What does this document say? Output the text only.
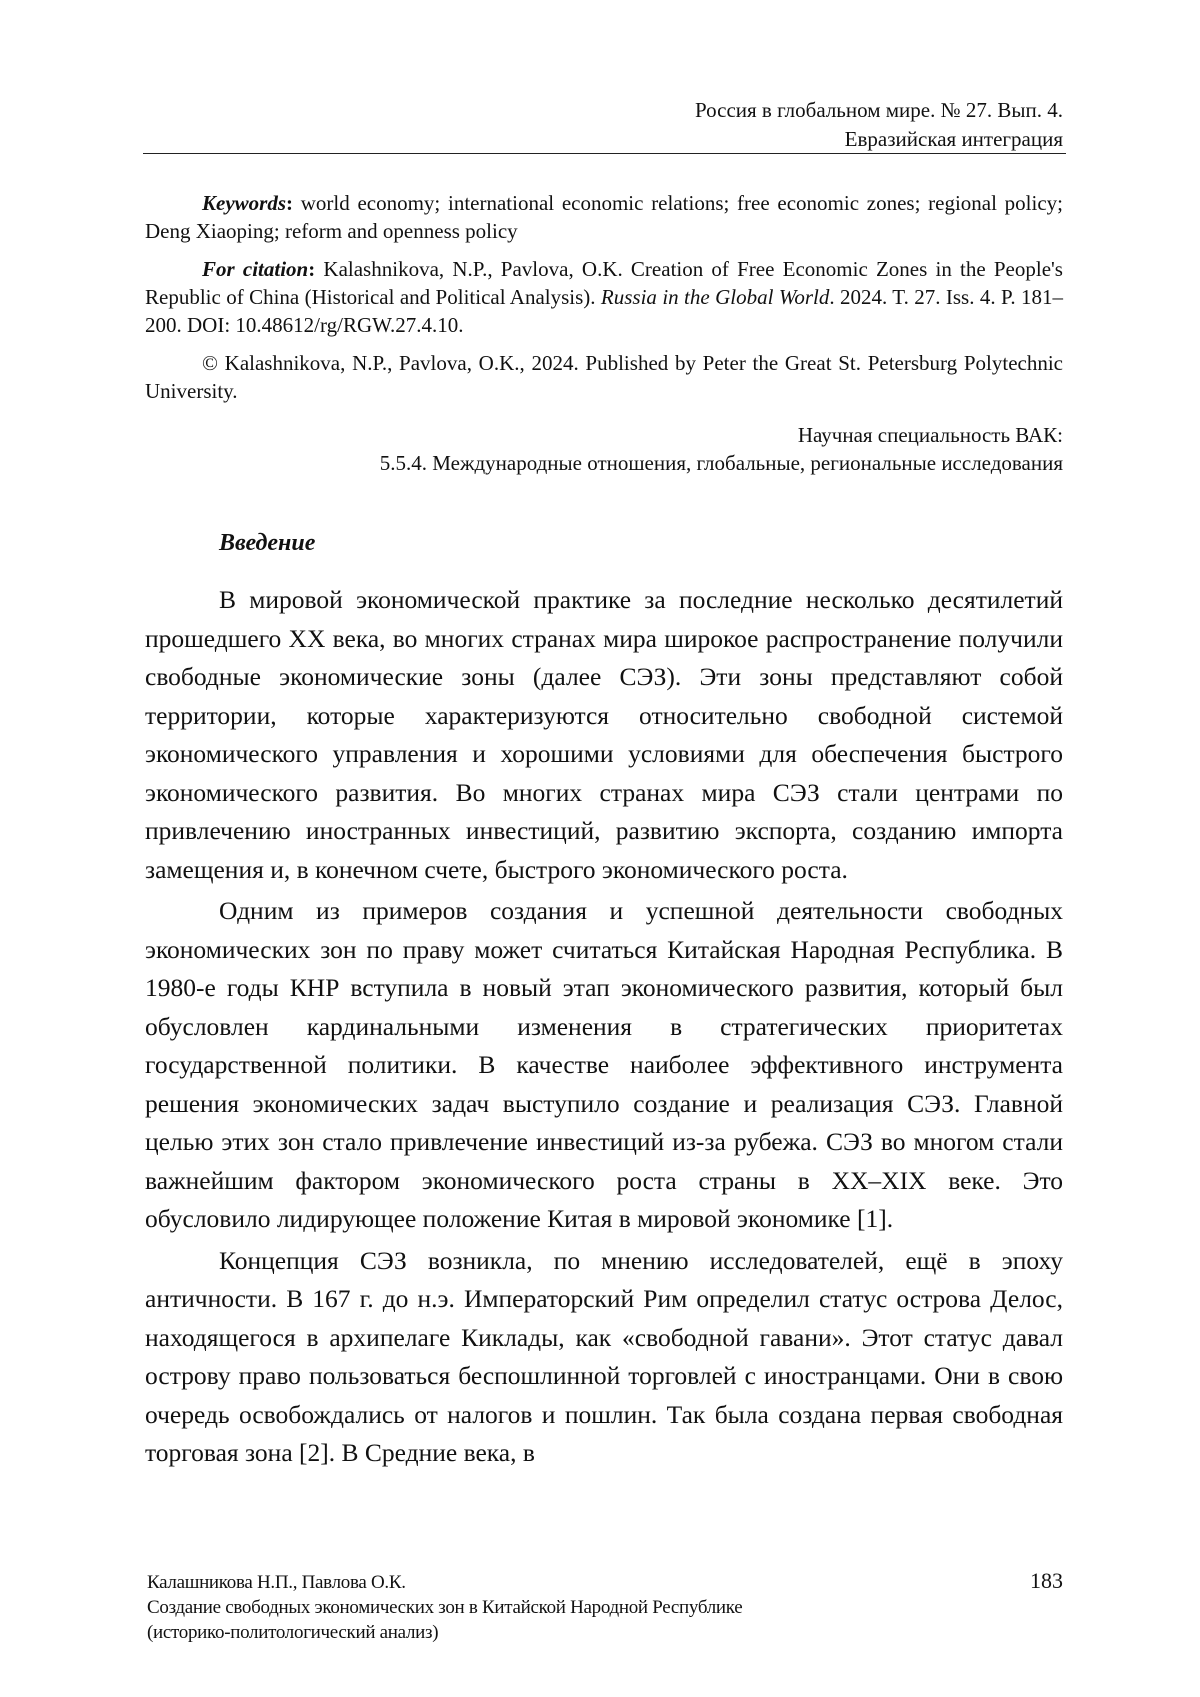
Россия в глобальном мире. № 27. Вып. 4.
Евразийская интеграция

Keywords: world economy; international economic relations; free economic zones; regional policy; Deng Xiaoping; reform and openness policy

For citation: Kalashnikova, N.P., Pavlova, O.K. Creation of Free Economic Zones in the People's Republic of China (Historical and Political Analysis). Russia in the Global World. 2024. T. 27. Iss. 4. P. 181–200. DOI: 10.48612/rg/RGW.27.4.10.

© Kalashnikova, N.P., Pavlova, O.K., 2024. Published by Peter the Great St. Petersburg Polytechnic University.

Научная специальность ВАК:
5.5.4. Международные отношения, глобальные, региональные исследования
Введение

В мировой экономической практике за последние несколько десятилетий прошедшего XX века, во многих странах мира широкое распространение получили свободные экономические зоны (далее СЭЗ). Эти зоны представляют собой территории, которые характеризуются относительно свободной системой экономического управления и хорошими условиями для обеспечения быстрого экономического развития. Во многих странах мира СЭЗ стали центрами по привлечению иностранных инвестиций, развитию экспорта, созданию импорта замещения и, в конечном счете, быстрого экономического роста.

Одним из примеров создания и успешной деятельности свободных экономических зон по праву может считаться Китайская Народная Республика. В 1980-е годы КНР вступила в новый этап экономического развития, который был обусловлен кардинальными изменения в стратегических приоритетах государственной политики. В качестве наиболее эффективного инструмента решения экономических задач выступило создание и реализация СЭЗ. Главной целью этих зон стало привлечение инвестиций из-за рубежа. СЭЗ во многом стали важнейшим фактором экономического роста страны в XX–XIX веке. Это обусловило лидирующее положение Китая в мировой экономике [1].

Концепция СЭЗ возникла, по мнению исследователей, ещё в эпоху античности. В 167 г. до н.э. Императорский Рим определил статус острова Делос, находящегося в архипелаге Киклады, как «свободной гавани». Этот статус давал острову право пользоваться беспошлинной торговлей с иностранцами. Они в свою очередь освобождались от налогов и пошлин. Так была создана первая свободная торговая зона [2]. В Средние века, в

Калашникова Н.П., Павлова О.К.
Создание свободных экономических зон в Китайской Народной Республике
(историко-политологический анализ)
183
